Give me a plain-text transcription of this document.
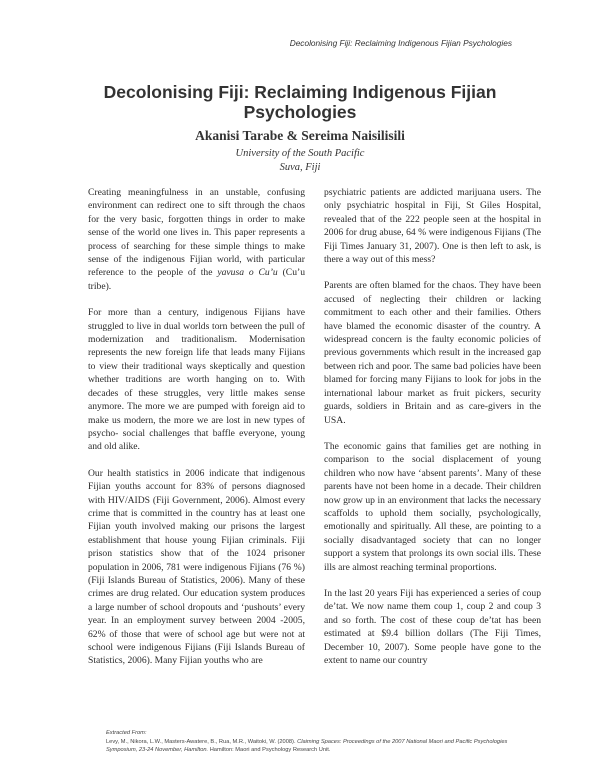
Decolonising Fiji: Reclaiming Indigenous Fijian Psychologies
Decolonising Fiji: Reclaiming Indigenous Fijian
Psychologies
Akanisi Tarabe & Sereima Naisilisili
University of the South Pacific
Suva, Fiji

Creating meaningfulness in an unstable, confusing environment can redirect one to sift through the chaos for the very basic, forgotten things in order to make sense of the world one lives in. This paper represents a process of searching for these simple things to make sense of the indigenous Fijian world, with particular reference to the people of the yavusa o Cu’u (Cu’u tribe).

For more than a century, indigenous Fijians have struggled to live in dual worlds torn between the pull of modernization and traditionalism. Modernisation represents the new foreign life that leads many Fijians to view their traditional ways skeptically and question whether traditions are worth hanging on to. With decades of these struggles, very little makes sense anymore. The more we are pumped with foreign aid to make us modern, the more we are lost in new types of psycho- social challenges that baffle everyone, young and old alike.

Our health statistics in 2006 indicate that indigenous Fijian youths account for 83% of persons diagnosed with HIV/AIDS (Fiji Government, 2006). Almost every crime that is committed in the country has at least one Fijian youth involved making our prisons the largest establishment that house young Fijian criminals. Fiji prison statistics show that of the 1024 prisoner population in 2006, 781 were indigenous Fijians (76 %) (Fiji Islands Bureau of Statistics, 2006). Many of these crimes are drug related. Our education system produces a large number of school dropouts and ‘pushouts’ every year. In an employment survey between 2004 -2005, 62% of those that were of school age but were not at school were indigenous Fijians (Fiji Islands Bureau of Statistics, 2006). Many Fijian youths who are

psychiatric patients are addicted marijuana users. The only psychiatric hospital in Fiji, St Giles Hospital, revealed that of the 222 people seen at the hospital in 2006 for drug abuse, 64 % were indigenous Fijians (The Fiji Times January 31, 2007). One is then left to ask, is there a way out of this mess?

Parents are often blamed for the chaos. They have been accused of neglecting their children or lacking commitment to each other and their families. Others have blamed the economic disaster of the country. A widespread concern is the faulty economic policies of previous governments which result in the increased gap between rich and poor. The same bad policies have been blamed for forcing many Fijians to look for jobs in the international labour market as fruit pickers, security guards, soldiers in Britain and as care-givers in the USA.

The economic gains that families get are nothing in comparison to the social displacement of young children who now have ‘absent parents’. Many of these parents have not been home in a decade. Their children now grow up in an environment that lacks the necessary scaffolds to uphold them socially, psychologically, emotionally and spiritually. All these, are pointing to a socially disadvantaged society that can no longer support a system that prolongs its own social ills. These ills are almost reaching terminal proportions.

In the last 20 years Fiji has experienced a series of coup de’tat. We now name them coup 1, coup 2 and coup 3 and so forth. The cost of these coup de’tat has been estimated at $9.4 billion dollars (The Fiji Times, December 10, 2007). Some people have gone to the extent to name our country

Extracted From:
Levy, M., Nikora, L.W., Masters-Awatere, B., Rua, M.R., Waitoki, W. (2008). Claiming Spaces: Proceedings of the 2007 National Maori and Pacific Psychologies Symposium, 23-24 November, Hamilton. Hamilton: Maori and Psychology Research Unit.
